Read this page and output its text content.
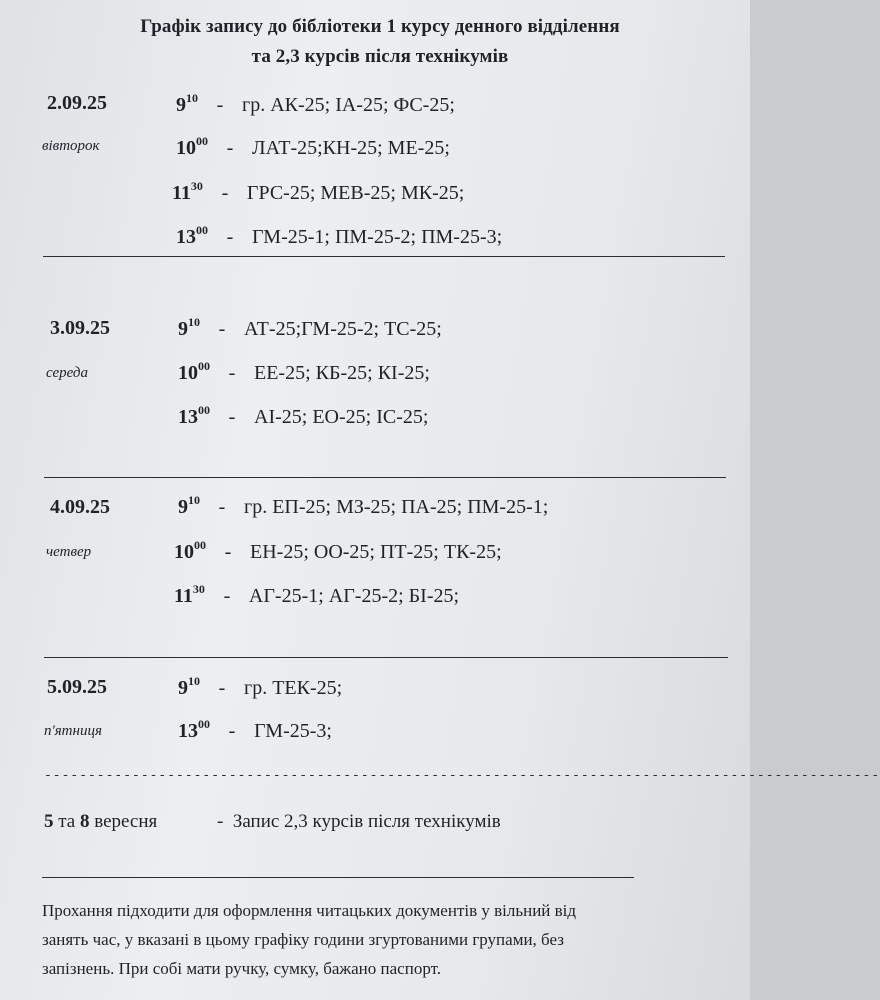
Графік запису до бібліотеки 1 курсу денного відділення
та 2,3 курсів після технікумів
2.09.25
вівторок
$9^{10}$ - гр. АК-25; ІА-25; ФС-25;
$10^{00}$ - ЛАТ-25;КН-25; МЕ-25;
$11^{30} - ГРС-25$; МЕВ-25; МК-25;
$13^{00} - ГМ-25-1$; ПМ-25-2; ПМ-25-3;
3.09.25
середа
$9^{10}$ - АТ-25;ГМ-25-2; ТС-25;
$10^{00} - ЕЕ-25$; КБ-25; КІ-25;
$13^{00} - АІ-25$; ЕО-25; ІС-25;
4.09.25
четвер
$9^{10}$ - гр. ЕП-25; МЗ-25; ПА-25; ПМ-25-1;
$10^{00} - ЕН-25$; ОО-25; ПТ-25; ТК-25;
$11^{30} - АГ-25-1$; АГ-25-2; БІ-25;
5.09.25
п'ятниця
$9^{10}$ - гр. ТЕК-25;
$13^{00} - ГМ-25-3$;
-----------------------------------------------------------------------------------------------
5 та 8 вересня	- Запис 2,3 курсів після технікумів
Прохання підходити для оформлення читацьких документів у вільний від
занять час, у вказані в цьому графіку години згуртованими групами, без
запізнень. При собі мати ручку, сумку, бажано паспорт.
